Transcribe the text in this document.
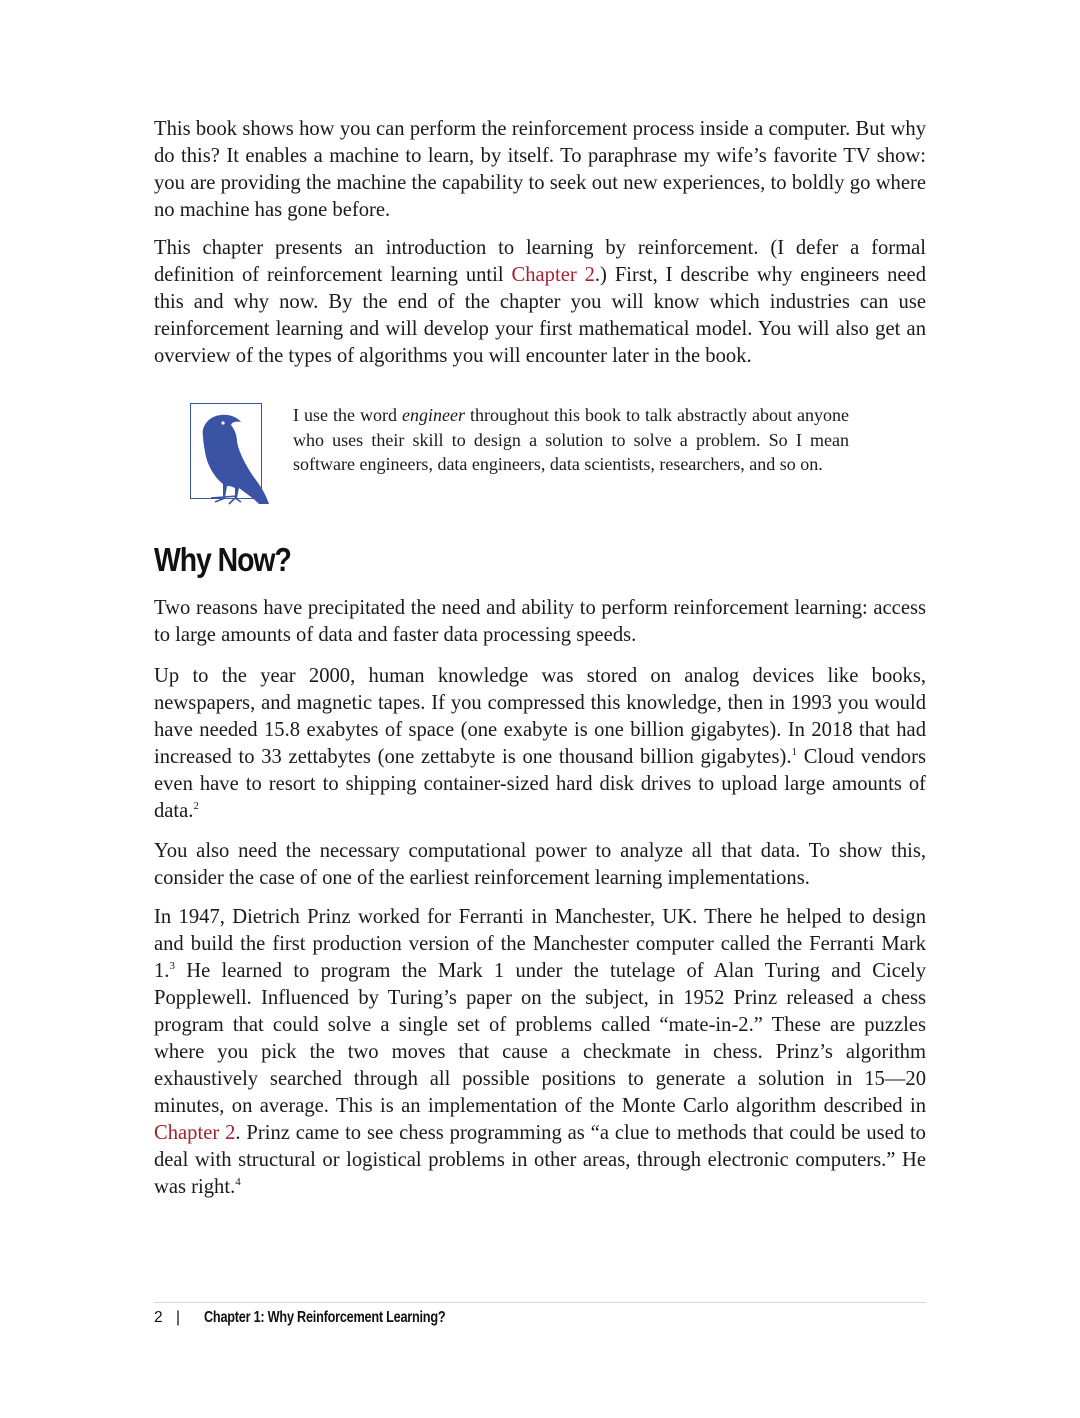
This book shows how you can perform the reinforcement process inside a computer. But why do this? It enables a machine to learn, by itself. To paraphrase my wife’s favorite TV show: you are providing the machine the capability to seek out new experiences, to boldly go where no machine has gone before.

This chapter presents an introduction to learning by reinforcement. (I defer a formal definition of reinforcement learning until Chapter 2.) First, I describe why engineers need this and why now. By the end of the chapter you will know which industries can use reinforcement learning and will develop your first mathematical model. You will also get an overview of the types of algorithms you will encounter later in the book.

I use the word engineer throughout this book to talk abstractly about anyone who uses their skill to design a solution to solve a problem. So I mean software engineers, data engineers, data scientists, researchers, and so on.

Why Now?

Two reasons have precipitated the need and ability to perform reinforcement learning: access to large amounts of data and faster data processing speeds.

Up to the year 2000, human knowledge was stored on analog devices like books, newspapers, and magnetic tapes. If you compressed this knowledge, then in 1993 you would have needed 15.8 exabytes of space (one exabyte is one billion gigabytes). In 2018 that had increased to 33 zettabytes (one zettabyte is one thousand billion gigabytes).$^1$ Cloud vendors even have to resort to shipping container-sized hard disk drives to upload large amounts of data.$^2$

You also need the necessary computational power to analyze all that data. To show this, consider the case of one of the earliest reinforcement learning implementations.

In 1947, Dietrich Prinz worked for Ferranti in Manchester, UK. There he helped to design and build the first production version of the Manchester computer called the Ferranti Mark 1.$^3$ He learned to program the Mark 1 under the tutelage of Alan Turing and Cicely Popplewell. Influenced by Turing’s paper on the subject, in 1952 Prinz released a chess program that could solve a single set of problems called “mate-in-2.” These are puzzles where you pick the two moves that cause a checkmate in chess. Prinz’s algorithm exhaustively searched through all possible positions to generate a solution in 15—20 minutes, on average. This is an implementation of the Monte Carlo algorithm described in Chapter 2. Prinz came to see chess programming as “a clue to methods that could be used to deal with structural or logistical problems in other areas, through electronic computers.” He was right.$^4$

2 | Chapter 1: Why Reinforcement Learning?
